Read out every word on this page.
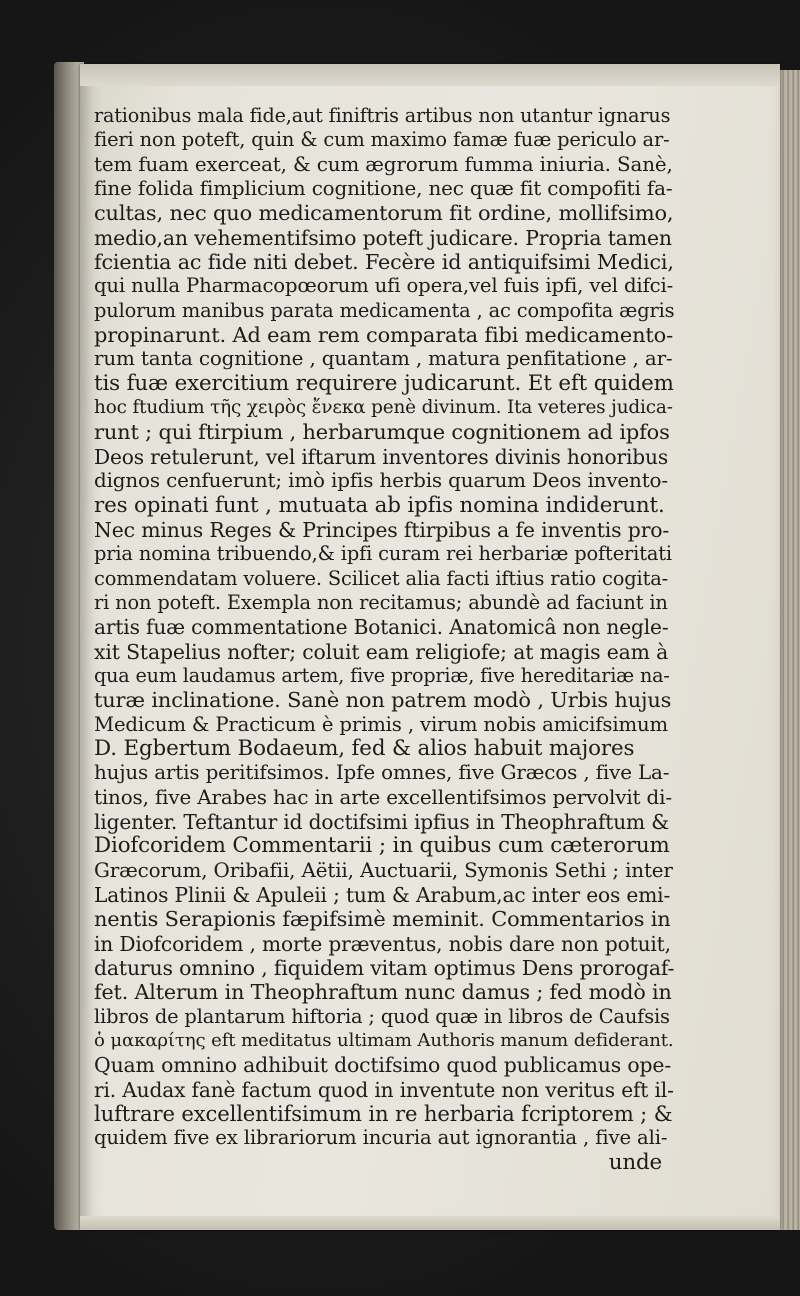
rationibus mala fide,aut finiftris artibus non utantur ignarus
fieri non poteft, quin & cum maximo famæ fuæ periculo ar-
tem fuam exerceat, & cum ægrorum fumma iniuria. Sanè,
fine folida fimplicium cognitione, nec quæ fit compofiti fa-
cultas, nec quo medicamentorum fit ordine, mollifsimo,
medio,an vehementifsimo poteft judicare. Propria tamen
fcientia ac fide niti debet. Fecère id antiquifsimi Medici,
qui nulla Pharmacopœorum ufi opera,vel fuis ipfi, vel difci-
pulorum manibus parata medicamenta , ac compofita ægris
propinarunt. Ad eam rem comparata fibi medicamento-
rum tanta cognitione , quantam , matura penfitatione , ar-
tis fuæ exercitium requirere judicarunt. Et eft quidem
hoc ftudium τῆς χειρὸς ἔνεκα penè divinum. Ita veteres judica-
runt ; qui ftirpium , herbarumque cognitionem ad ipfos
Deos retulerunt, vel iftarum inventores divinis honoribus
dignos cenfuerunt; imò ipfis herbis quarum Deos invento-
res opinati funt , mutuata ab ipfis nomina indiderunt.
Nec minus Reges & Principes ftirpibus a fe inventis pro-
pria nomina tribuendo,& ipfi curam rei herbariæ pofteritati
commendatam voluere. Scilicet alia facti iftius ratio cogita-
ri non poteft. Exempla non recitamus; abundè ad faciunt in
artis fuæ commentatione Botanici. Anatomicâ non negle-
xit Stapelius nofter; coluit eam religiofe; at magis eam à
qua eum laudamus artem, five propriæ, five hereditariæ na-
turæ inclinatione. Sanè non patrem modò , Urbis hujus
Medicum & Practicum è primis , virum nobis amicifsimum
D. Egbertum Bodaeum, fed & alios habuit majores
hujus artis peritifsimos. Ipfe omnes, five Græcos , five La-
tinos, five Arabes hac in arte excellentifsimos pervolvit di-
ligenter. Teftantur id doctifsimi ipfius in Theophraftum &
Diofcoridem Commentarii ; in quibus cum cæterorum
Græcorum, Oribafii, Aëtii, Auctuarii, Symonis Sethi ; inter
Latinos Plinii & Apuleii ; tum & Arabum,ac inter eos emi-
nentis Serapionis fæpifsimè meminit. Commentarios in
in Diofcoridem , morte præventus, nobis dare non potuit,
daturus omnino , fiquidem vitam optimus Dens prorogaf-
fet. Alterum in Theophraftum nunc damus ; fed modò in
libros de plantarum hiftoria ; quod quæ in libros de Caufsis
ὁ μακαρίτης eft meditatus ultimam Authoris manum defiderant.
Quam omnino adhibuit doctifsimo quod publicamus ope-
ri. Audax fanè factum quod in inventute non veritus eft il-
luftrare excellentifsimum in re herbaria fcriptorem ; &
quidem five ex librariorum incuria aut ignorantia , five ali-
unde
